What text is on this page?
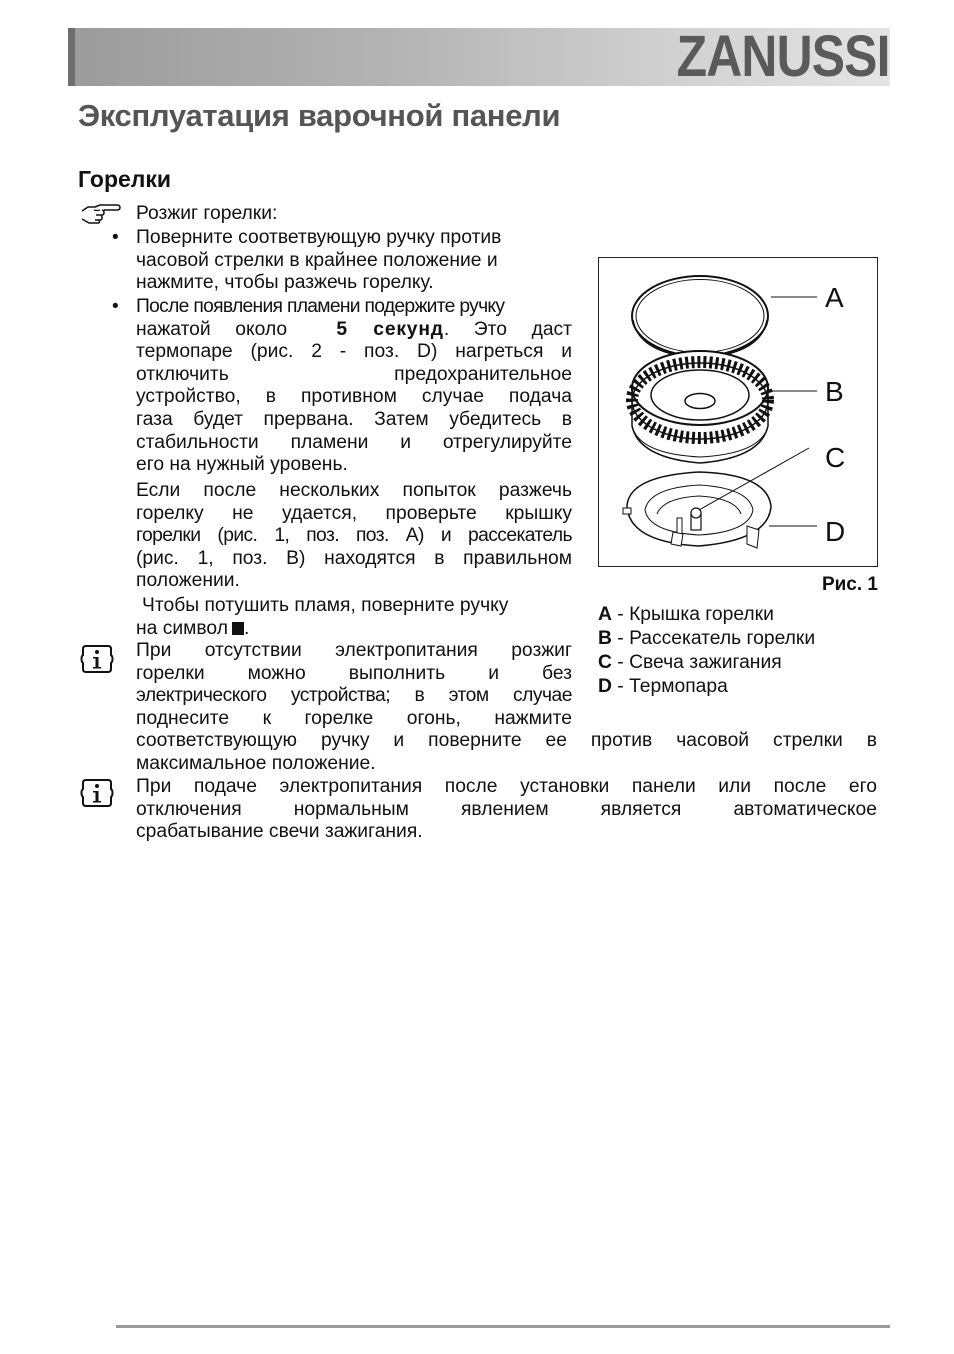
ZANUSSI
Эксплуатация варочной панели
Горелки
Розжиг горелки:
• Поверните соответвующую ручку против
часовой стрелки в крайнее положение и
нажмите, чтобы разжечь горелку.
• После появления пламени подержите ручку
нажатой около	5 секунд. Это даст
термопаре (рис. 2 - поз. D) нагреться и
отключить предохранительное
устройство, в противном случае подача
газа будет прервана. Затем убедитесь в
стабильности пламени и отрегулируйте
его на нужный уровень.
Если после нескольких попыток разжечь
горелку не удается, проверьте крышку
горелки (рис. 1, поз. поз. A) и рассекатель
(рис. 1, поз. B) находятся в правильном
положении.
Чтобы потушить пламя, поверните ручку
на символ .
При отсутствии электропитания розжиг
горелки можно выполнить и без
электрического устройства; в этом случае
поднесите к горелке огонь, нажмите
соответствующую ручку и поверните ее против часовой стрелки в
максимальное положение.
При подаче электропитания после установки панели или после его
отключения нормальным явлением является автоматическое
срабатывание свечи зажигания.
A
B
C
D
Рис. 1
A - Крышка горелки
B - Рассекатель горелки
C - Свеча зажигания
D - Термопара
